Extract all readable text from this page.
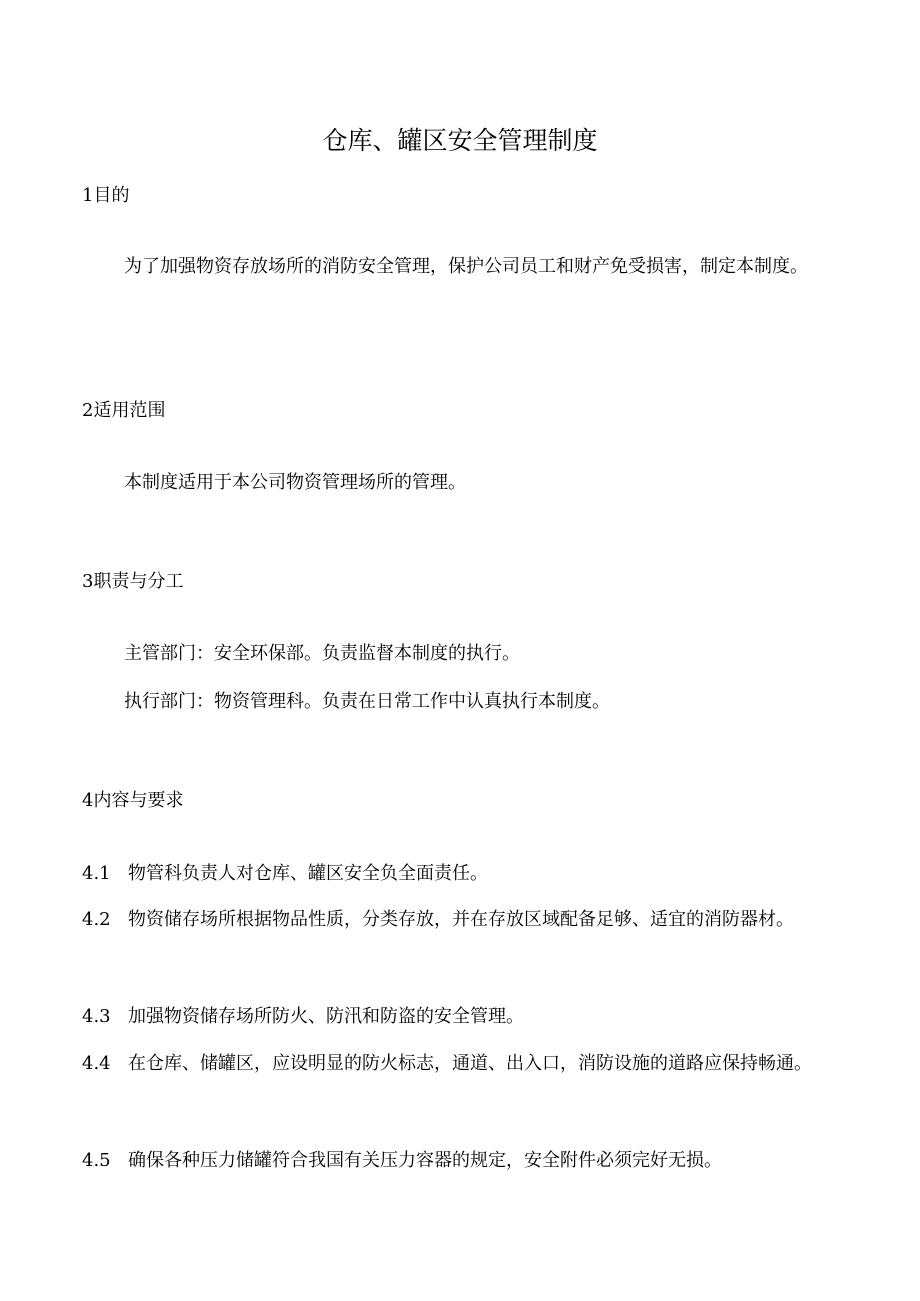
仓库、罐区安全管理制度

1目的

为了加强物资存放场所的消防安全管理，保护公司员工和财产免受损害，制定本制度。

2适用范围

本制度适用于本公司物资管理场所的管理。

3职责与分工

主管部门：安全环保部。负责监督本制度的执行。

执行部门：物资管理科。负责在日常工作中认真执行本制度。

4内容与要求

4.1 物管科负责人对仓库、罐区安全负全面责任。

4.2 物资储存场所根据物品性质，分类存放，并在存放区域配备足够、适宜的消防器材。

4.3 加强物资储存场所防火、防汛和防盗的安全管理。

4.4 在仓库、储罐区，应设明显的防火标志，通道、出入口，消防设施的道路应保持畅通。

4.5 确保各种压力储罐符合我国有关压力容器的规定，安全附件必须完好无损。
